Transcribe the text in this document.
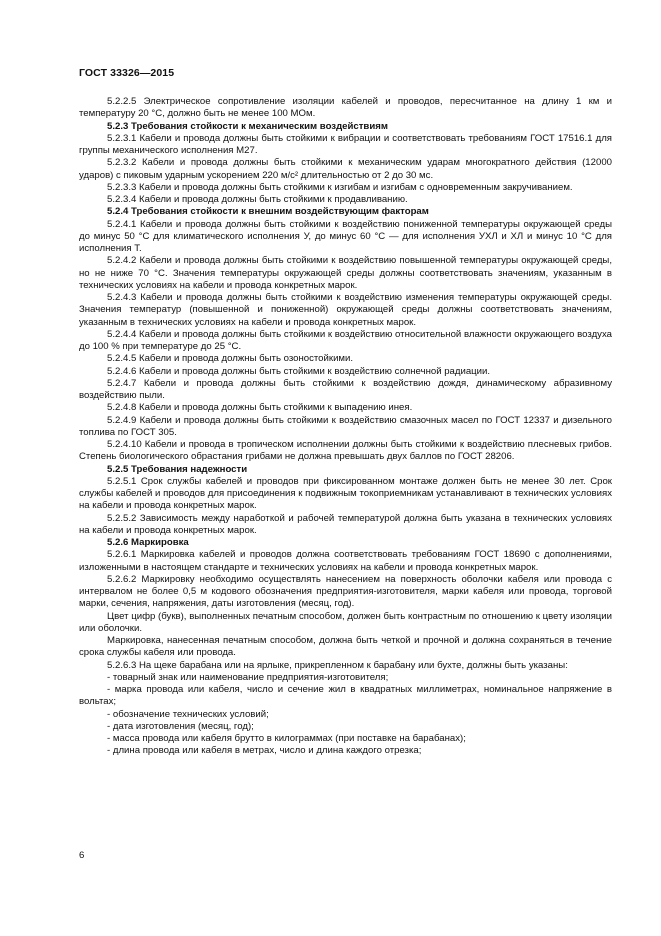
ГОСТ 33326—2015

5.2.2.5 Электрическое сопротивление изоляции кабелей и проводов, пересчитанное на длину 1 км и температуру 20 °С, должно быть не менее 100 МОм.

5.2.3 Требования стойкости к механическим воздействиям

5.2.3.1 Кабели и провода должны быть стойкими к вибрации и соответствовать требованиям ГОСТ 17516.1 для группы механического исполнения М27.

5.2.3.2 Кабели и провода должны быть стойкими к механическим ударам многократного действия (12000 ударов) с пиковым ударным ускорением 220 м/с² длительностью от 2 до 30 мс.

5.2.3.3 Кабели и провода должны быть стойкими к изгибам и изгибам с одновременным закручиванием.

5.2.3.4 Кабели и провода должны быть стойкими к продавливанию.

5.2.4 Требования стойкости к внешним воздействующим факторам

5.2.4.1 Кабели и провода должны быть стойкими к воздействию пониженной температуры окружающей среды до минус 50 °С для климатического исполнения У, до минус 60 °С — для исполнения УХЛ и ХЛ и минус 10 °С для исполнения Т.

5.2.4.2 Кабели и провода должны быть стойкими к воздействию повышенной температуры окружающей среды, но не ниже 70 °С. Значения температуры окружающей среды должны соответствовать значениям, указанным в технических условиях на кабели и провода конкретных марок.

5.2.4.3 Кабели и провода должны быть стойкими к воздействию изменения температуры окружающей среды. Значения температур (повышенной и пониженной) окружающей среды должны соответствовать значениям, указанным в технических условиях на кабели и провода конкретных марок.

5.2.4.4 Кабели и провода должны быть стойкими к воздействию относительной влажности окружающего воздуха до 100 % при температуре до 25 °С.

5.2.4.5 Кабели и провода должны быть озоностойкими.

5.2.4.6 Кабели и провода должны быть стойкими к воздействию солнечной радиации.

5.2.4.7 Кабели и провода должны быть стойкими к воздействию дождя, динамическому абразивному воздействию пыли.

5.2.4.8 Кабели и провода должны быть стойкими к выпадению инея.

5.2.4.9 Кабели и провода должны быть стойкими к воздействию смазочных масел по ГОСТ 12337 и дизельного топлива по ГОСТ 305.

5.2.4.10 Кабели и провода в тропическом исполнении должны быть стойкими к воздействию плесневых грибов. Степень биологического обрастания грибами не должна превышать двух баллов по ГОСТ 28206.

5.2.5 Требования надежности

5.2.5.1 Срок службы кабелей и проводов при фиксированном монтаже должен быть не менее 30 лет. Срок службы кабелей и проводов для присоединения к подвижным токоприемникам устанавливают в технических условиях на кабели и провода конкретных марок.

5.2.5.2 Зависимость между наработкой и рабочей температурой должна быть указана в технических условиях на кабели и провода конкретных марок.

5.2.6 Маркировка

5.2.6.1 Маркировка кабелей и проводов должна соответствовать требованиям ГОСТ 18690 с дополнениями, изложенными в настоящем стандарте и технических условиях на кабели и провода конкретных марок.

5.2.6.2 Маркировку необходимо осуществлять нанесением на поверхность оболочки кабеля или провода с интервалом не более 0,5 м кодового обозначения предприятия-изготовителя, марки кабеля или провода, торговой марки, сечения, напряжения, даты изготовления (месяц, год).

Цвет цифр (букв), выполненных печатным способом, должен быть контрастным по отношению к цвету изоляции или оболочки.

Маркировка, нанесенная печатным способом, должна быть четкой и прочной и должна сохраняться в течение срока службы кабеля или провода.

5.2.6.3 На щеке барабана или на ярлыке, прикрепленном к барабану или бухте, должны быть указаны:

- товарный знак или наименование предприятия-изготовителя;

- марка провода или кабеля, число и сечение жил в квадратных миллиметрах, номинальное напряжение в вольтах;

- обозначение технических условий;

- дата изготовления (месяц, год);

- масса провода или кабеля брутто в килограммах (при поставке на барабанах);

- длина провода или кабеля в метрах, число и длина каждого отрезка;

6
